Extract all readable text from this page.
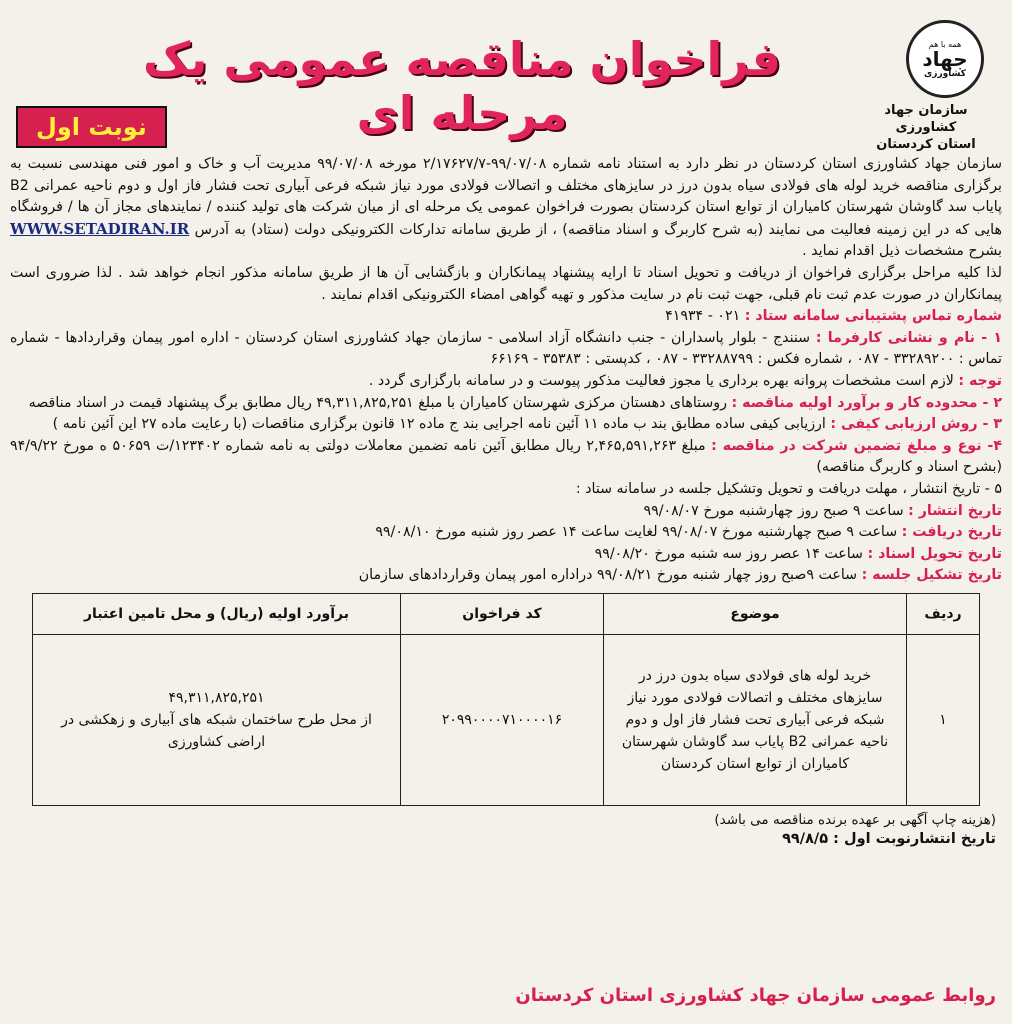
همه با هم
جهاد
کشاورزی
سازمان جهاد کشاورزی
استان کردستان
فراخوان مناقصه عمومی یک مرحله ای
نوبت اول

سازمان جهاد کشاورزی استان کردستان در نظر دارد به استناد نامه شماره ۹۹/۰۷/۰۸-۲/۱۷۶۲۷/۷ مورخه ۹۹/۰۷/۰۸ مدیریت آب و خاک و امور فنی مهندسی نسبت به برگزاری مناقصه خرید لوله های فولادی سیاه بدون درز در سایزهای مختلف و اتصالات فولادی مورد نیاز شبکه فرعی آبیاری تحت فشار فاز اول و دوم ناحیه عمرانی B2 پایاب سد گاوشان شهرستان کامیاران از توابع استان کردستان بصورت فراخوان عمومی یک مرحله ای از میان شرکت های تولید کننده / نمایندهای مجاز آن ها / فروشگاه هایی که در این زمینه فعالیت می نمایند (به شرح کاربرگ و اسناد مناقصه) ، از طریق سامانه تدارکات الکترونیکی دولت (ستاد) به آدرس WWW.SETADIRAN.IR بشرح مشخصات ذیل اقدام نماید .

لذا کلیه مراحل برگزاری فراخوان از دریافت و تحویل اسناد تا ارایه پیشنهاد پیمانکاران و بازگشایی آن ها از طریق سامانه مذکور انجام خواهد شد . لذا ضروری است پیمانکاران در صورت عدم ثبت نام قبلی، جهت ثبت نام در سایت مذکور و تهیه گواهی امضاء الکترونیکی اقدام نمایند .

شماره تماس پشتیبانی سامانه ستاد : ۰۲۱ - ۴۱۹۳۴

۱ - نام و نشانی کارفرما : سنندج - بلوار پاسداران - جنب دانشگاه آزاد اسلامی - سازمان جهاد کشاورزی استان کردستان - اداره امور پیمان وقراردادها - شماره تماس : ۳۳۲۸۹۲۰۰ - ۰۸۷ ، شماره فکس : ۳۳۲۸۸۷۹۹ - ۰۸۷ ، کدپستی : ۳۵۳۸۳ - ۶۶۱۶۹

توجه : لازم است مشخصات پروانه بهره برداری یا مجوز فعالیت مذکور پیوست و در سامانه بارگزاری گردد .

۲ - محدوده کار و برآورد اولیه مناقصه : روستاهای دهستان مرکزی شهرستان کامیاران با مبلغ ۴۹,۳۱۱,۸۲۵,۲۵۱ ریال مطابق برگ پیشنهاد قیمت در اسناد مناقصه

۳ - روش ارزیابی کیفی : ارزیابی کیفی ساده مطابق بند ب ماده ۱۱ آئین نامه اجرایی بند ج ماده ۱۲ قانون برگزاری مناقصات (با رعایت ماده ۲۷ این آئین نامه )

۴- نوع و مبلغ تضمین شرکت در مناقصه : مبلغ ۲,۴۶۵,۵۹۱,۲۶۳ ریال مطابق آئین نامه تضمین معاملات دولتی به نامه شماره ۱۲۳۴۰۲/ت ۵۰۶۵۹ ه مورخ ۹۴/۹/۲۲ (بشرح اسناد و کاربرگ مناقصه)

۵ - تاریخ انتشار ، مهلت دریافت و تحویل وتشکیل جلسه در سامانه ستاد :

تاریخ انتشار : ساعت ۹ صبح روز چهارشنبه مورخ ۹۹/۰۸/۰۷

تاریخ دریافت : ساعت ۹ صبح چهارشنبه مورخ ۹۹/۰۸/۰۷ لغایت ساعت ۱۴ عصر روز شنبه مورخ ۹۹/۰۸/۱۰

تاریخ تحویل اسناد : ساعت ۱۴ عصر روز سه شنبه مورخ ۹۹/۰۸/۲۰

تاریخ تشکیل جلسه : ساعت ۹صبح روز چهار شنبه مورخ ۹۹/۰۸/۲۱ دراداره امور پیمان وقراردادهای سازمان

ردیف	موضوع	کد فراخوان	برآورد اولیه (ریال) و محل تامین اعتبار
۱	خرید لوله های فولادی سیاه بدون درز در سایزهای مختلف و اتصالات فولادی مورد نیاز شبکه فرعی آبیاری تحت فشار فاز اول و دوم ناحیه عمرانی B2 پایاب سد گاوشان شهرستان کامیاران از توابع استان کردستان	۲۰۹۹۰۰۰۰۷۱۰۰۰۰۱۶	۴۹,۳۱۱,۸۲۵,۲۵۱
از محل طرح ساختمان شبکه های آبیاری و زهکشی در اراضی کشاورزی
(هزینه چاپ آگهی بر عهده برنده مناقصه می باشد)
تاریخ انتشارنوبت اول : ۹۹/۸/۵
روابط عمومی سازمان جهاد کشاورزی استان کردستان
